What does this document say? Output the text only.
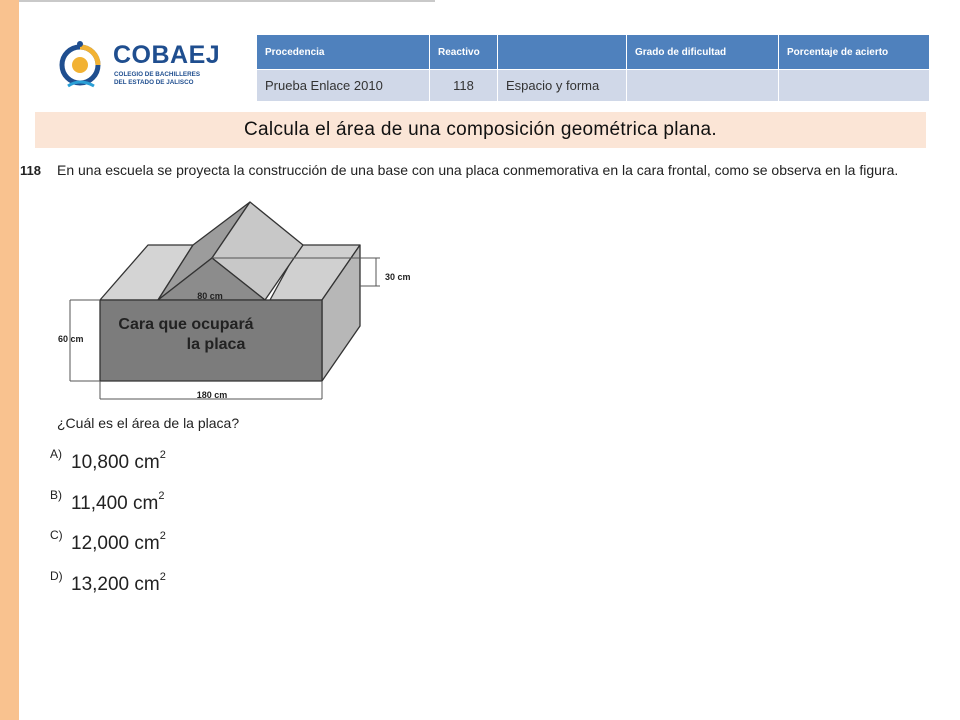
COBAEJ
COLEGIO DE BACHILLERES
DEL ESTADO DE JALISCO
Procedencia	Reactivo		Grado de dificultad	Porcentaje de acierto
Prueba Enlace 2010	118	Espacio y forma		
Calcula el área de una composición geométrica plana.
118 En una escuela se proyecta la construcción de una base con una placa conmemorativa en la cara frontal, como se observa en la figura.
80 cm
30 cm
60 cm
180 cm
Cara que ocupará
la placa
¿Cuál es el área de la placa?
A) 10,800 $cm^2$
B) 11,400 $cm^2$
C) 12,000 $cm^2$
D) 13,200 $cm^2$
